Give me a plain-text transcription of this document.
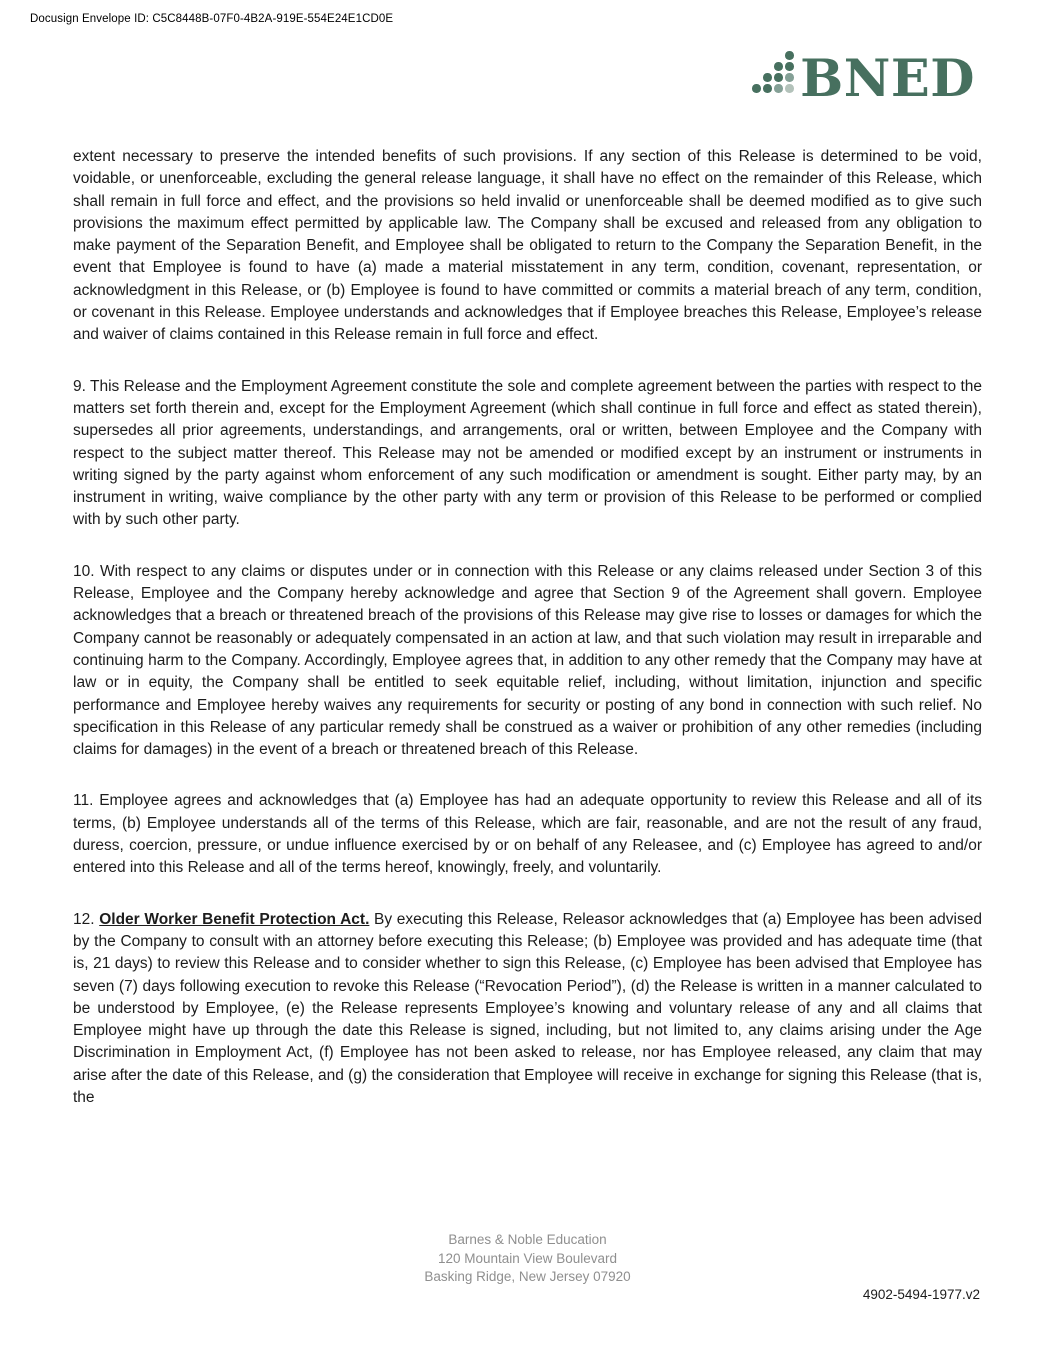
Docusign Envelope ID: C5C8448B-07F0-4B2A-919E-554E24E1CD0E
BNED

extent necessary to preserve the intended benefits of such provisions. If any section of this Release is determined to be void, voidable, or unenforceable, excluding the general release language, it shall have no effect on the remainder of this Release, which shall remain in full force and effect, and the provisions so held invalid or unenforceable shall be deemed modified as to give such provisions the maximum effect permitted by applicable law. The Company shall be excused and released from any obligation to make payment of the Separation Benefit, and Employee shall be obligated to return to the Company the Separation Benefit, in the event that Employee is found to have (a) made a material misstatement in any term, condition, covenant, representation, or acknowledgment in this Release, or (b) Employee is found to have committed or commits a material breach of any term, condition, or covenant in this Release. Employee understands and acknowledges that if Employee breaches this Release, Employee’s release and waiver of claims contained in this Release remain in full force and effect.

9. This Release and the Employment Agreement constitute the sole and complete agreement between the parties with respect to the matters set forth therein and, except for the Employment Agreement (which shall continue in full force and effect as stated therein), supersedes all prior agreements, understandings, and arrangements, oral or written, between Employee and the Company with respect to the subject matter thereof. This Release may not be amended or modified except by an instrument or instruments in writing signed by the party against whom enforcement of any such modification or amendment is sought. Either party may, by an instrument in writing, waive compliance by the other party with any term or provision of this Release to be performed or complied with by such other party.

10. With respect to any claims or disputes under or in connection with this Release or any claims released under Section 3 of this Release, Employee and the Company hereby acknowledge and agree that Section 9 of the Agreement shall govern. Employee acknowledges that a breach or threatened breach of the provisions of this Release may give rise to losses or damages for which the Company cannot be reasonably or adequately compensated in an action at law, and that such violation may result in irreparable and continuing harm to the Company. Accordingly, Employee agrees that, in addition to any other remedy that the Company may have at law or in equity, the Company shall be entitled to seek equitable relief, including, without limitation, injunction and specific performance and Employee hereby waives any requirements for security or posting of any bond in connection with such relief. No specification in this Release of any particular remedy shall be construed as a waiver or prohibition of any other remedies (including claims for damages) in the event of a breach or threatened breach of this Release.

11. Employee agrees and acknowledges that (a) Employee has had an adequate opportunity to review this Release and all of its terms, (b) Employee understands all of the terms of this Release, which are fair, reasonable, and are not the result of any fraud, duress, coercion, pressure, or undue influence exercised by or on behalf of any Releasee, and (c) Employee has agreed to and/or entered into this Release and all of the terms hereof, knowingly, freely, and voluntarily.

12. Older Worker Benefit Protection Act. By executing this Release, Releasor acknowledges that (a) Employee has been advised by the Company to consult with an attorney before executing this Release; (b) Employee was provided and has adequate time (that is, 21 days) to review this Release and to consider whether to sign this Release, (c) Employee has been advised that Employee has seven (7) days following execution to revoke this Release (“Revocation Period”), (d) the Release is written in a manner calculated to be understood by Employee, (e) the Release represents Employee’s knowing and voluntary release of any and all claims that Employee might have up through the date this Release is signed, including, but not limited to, any claims arising under the Age Discrimination in Employment Act, (f) Employee has not been asked to release, nor has Employee released, any claim that may arise after the date of this Release, and (g) the consideration that Employee will receive in exchange for signing this Release (that is, the

Barnes & Noble Education
120 Mountain View Boulevard
Basking Ridge, New Jersey 07920
4902-5494-1977.v2
